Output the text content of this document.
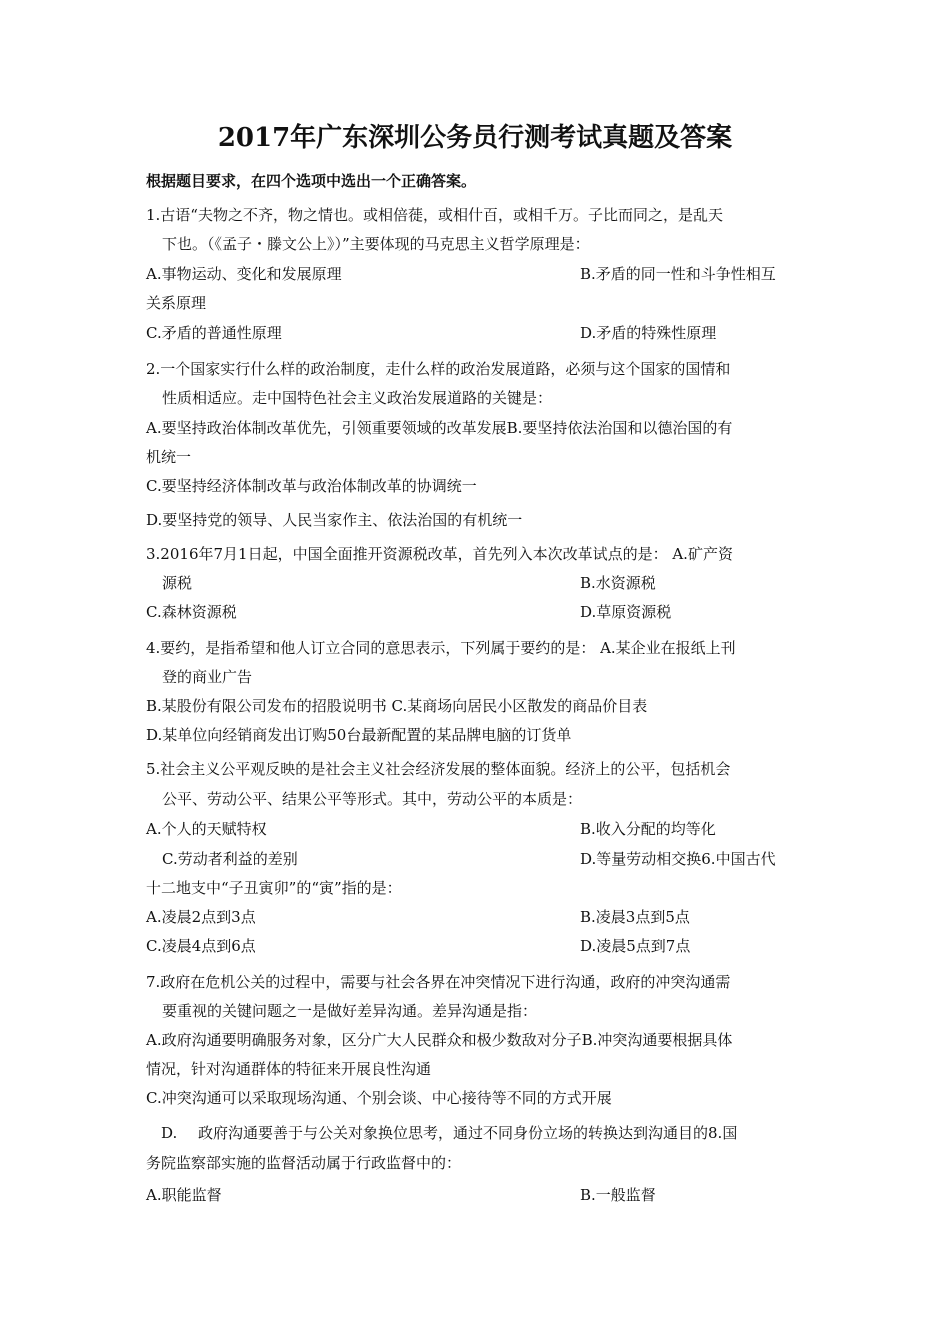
2017年广东深圳公务员行测考试真题及答案
根据题目要求，在四个选项中选出一个正确答案。
1.古语“夫物之不齐，物之情也。或相倍蓰，或相什百，或相千万。子比而同之，是乱天
下也。（《孟子・滕文公上》）”主要体现的马克思主义哲学原理是：
A.事物运动、变化和发展原理	B.矛盾的同一性和斗争性相互
关系原理
C.矛盾的普通性原理	D.矛盾的特殊性原理
2.一个国家实行什么样的政治制度，走什么样的政治发展道路，必须与这个国家的国情和
性质相适应。走中国特色社会主义政治发展道路的关键是：
A.要坚持政治体制改革优先，引领重要领域的改革发展B.要坚持依法治国和以德治国的有
机统一
C.要坚持经济体制改革与政治体制改革的协调统一
D.要坚持党的领导、人民当家作主、依法治国的有机统一
3.2016年7月1日起，中国全面推开资源税改革，首先列入本次改革试点的是： A.矿产资
源税	B.水资源税
C.森林资源税	D.草原资源税
4.要约，是指希望和他人订立合同的意思表示，下列属于要约的是： A.某企业在报纸上刊
登的商业广告
B.某股份有限公司发布的招股说明书 C.某商场向居民小区散发的商品价目表
D.某单位向经销商发出订购50台最新配置的某品牌电脑的订货单
5.社会主义公平观反映的是社会主义社会经济发展的整体面貌。经济上的公平，包括机会
公平、劳动公平、结果公平等形式。其中，劳动公平的本质是：
A.个人的天赋特权	B.收入分配的均等化
C.劳动者利益的差别	D.等量劳动相交换6.中国古代
十二地支中“子丑寅卯”的“寅”指的是：
A.凌晨2点到3点	B.凌晨3点到5点
C.凌晨4点到6点	D.凌晨5点到7点
7.政府在危机公关的过程中，需要与社会各界在冲突情况下进行沟通，政府的冲突沟通需
要重视的关键问题之一是做好差异沟通。差异沟通是指：
A.政府沟通要明确服务对象，区分广大人民群众和极少数敌对分子B.冲突沟通要根据具体
情况，针对沟通群体的特征来开展良性沟通
C.冲突沟通可以采取现场沟通、个别会谈、中心接待等不同的方式开展
D. 政府沟通要善于与公关对象换位思考，通过不同身份立场的转换达到沟通目的8.国
务院监察部实施的监督活动属于行政监督中的：
A.职能监督	B.一般监督
